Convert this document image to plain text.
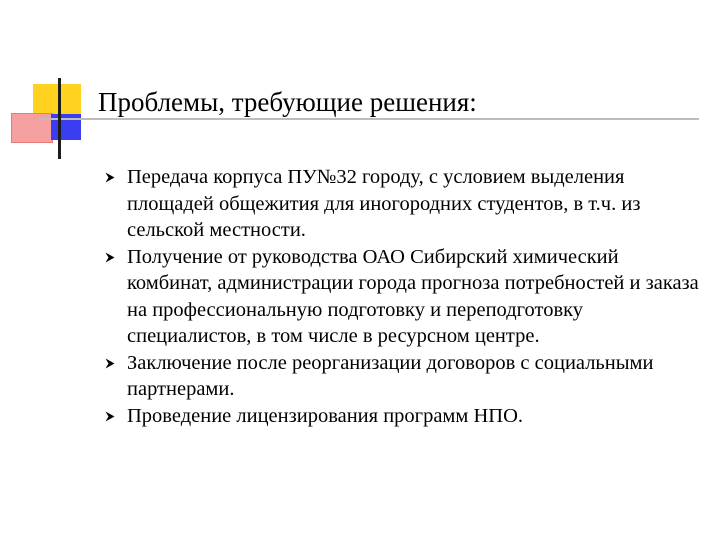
Проблемы, требующие решения:
Передача корпуса ПУ№32 городу, с условием выделения площадей общежития для иногородних студентов, в т.ч. из сельской местности.
Получение от руководства ОАО Сибирский химический комбинат, администрации города прогноза потребностей и заказа на профессиональную подготовку и переподготовку специалистов, в том числе в ресурсном центре.
Заключение после реорганизации договоров с социальными партнерами.
Проведение лицензирования программ НПО.
